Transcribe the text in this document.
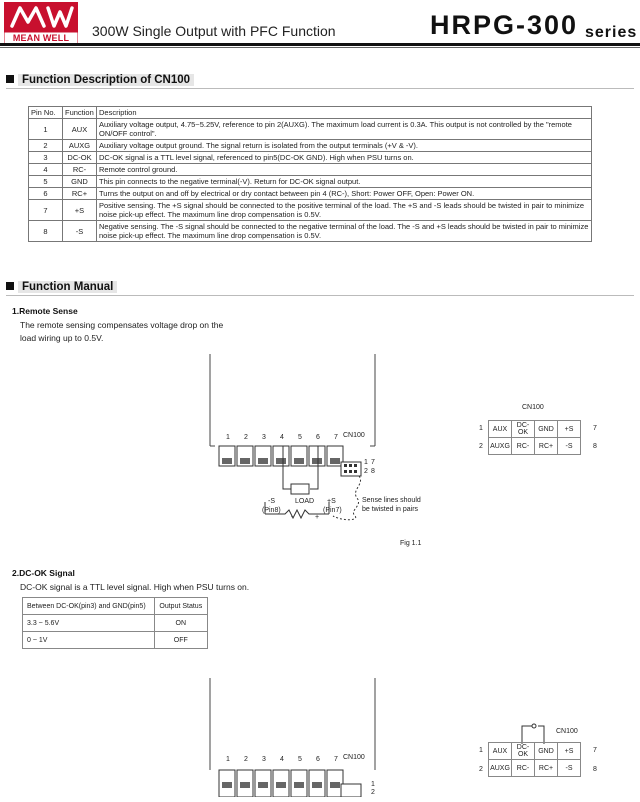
MEAN WELL	300W Single Output with PFC Function	HRPG-300 series
Function Description of CN100
Pin No.	Function	Description
1	AUX	Auxiliary voltage output, 4.75~5.25V, reference to pin 2(AUXG). The maximum load current is 0.3A. This output is not controlled by the "remote ON/OFF control".
2	AUXG	Auxiliary voltage output ground. The signal return is isolated from the output terminals (+V & -V).
3	DC-OK	DC-OK signal is a TTL level signal, referenced to pin5(DC-OK GND). High when PSU turns on.
4	RC-	Remote control ground.
5	GND	This pin connects to the negative terminal(-V). Return for DC-OK signal output.
6	RC+	Turns the output on and off by electrical or dry contact between pin 4 (RC-), Short: Power OFF, Open: Power ON.
7	+S	Positive sensing. The +S signal should be connected to the positive terminal of the load. The +S and -S leads should be twisted in pair to minimize noise pick-up effect. The maximum line drop compensation is 0.5V.
8	-S	Negative sensing. The -S signal should be connected to the negative terminal of the load. The -S and +S leads should be twisted in pair to minimize noise pick-up effect. The maximum line drop compensation is 0.5V.
Function Manual
1.Remote Sense
The remote sensing compensates voltage drop on the
load wiring up to 0.5V.
1 2 3 4 5 6 7 CN100
1
2
7
8
-S
(Pin8)
LOAD +S
(Pin7)
-	+
Sense lines should
be twisted in pairs
Fig 1.1
CN100
1
2
AUX	DC-OK	GND	+S
AUXG	RC-	RC+	-S
7
8
2.DC-OK Signal
DC-OK signal is a TTL level signal. High when PSU turns on.
Between DC-OK(pin3) and GND(pin5)	Output Status
3.3 ~ 5.6V	ON
0 ~ 1V	OFF
1 2 3 4 5 6 7 CN100
1
2
CN100
1
2
AUX	DC-OK	GND	+S
AUXG	RC-	RC+	-S
7
8
